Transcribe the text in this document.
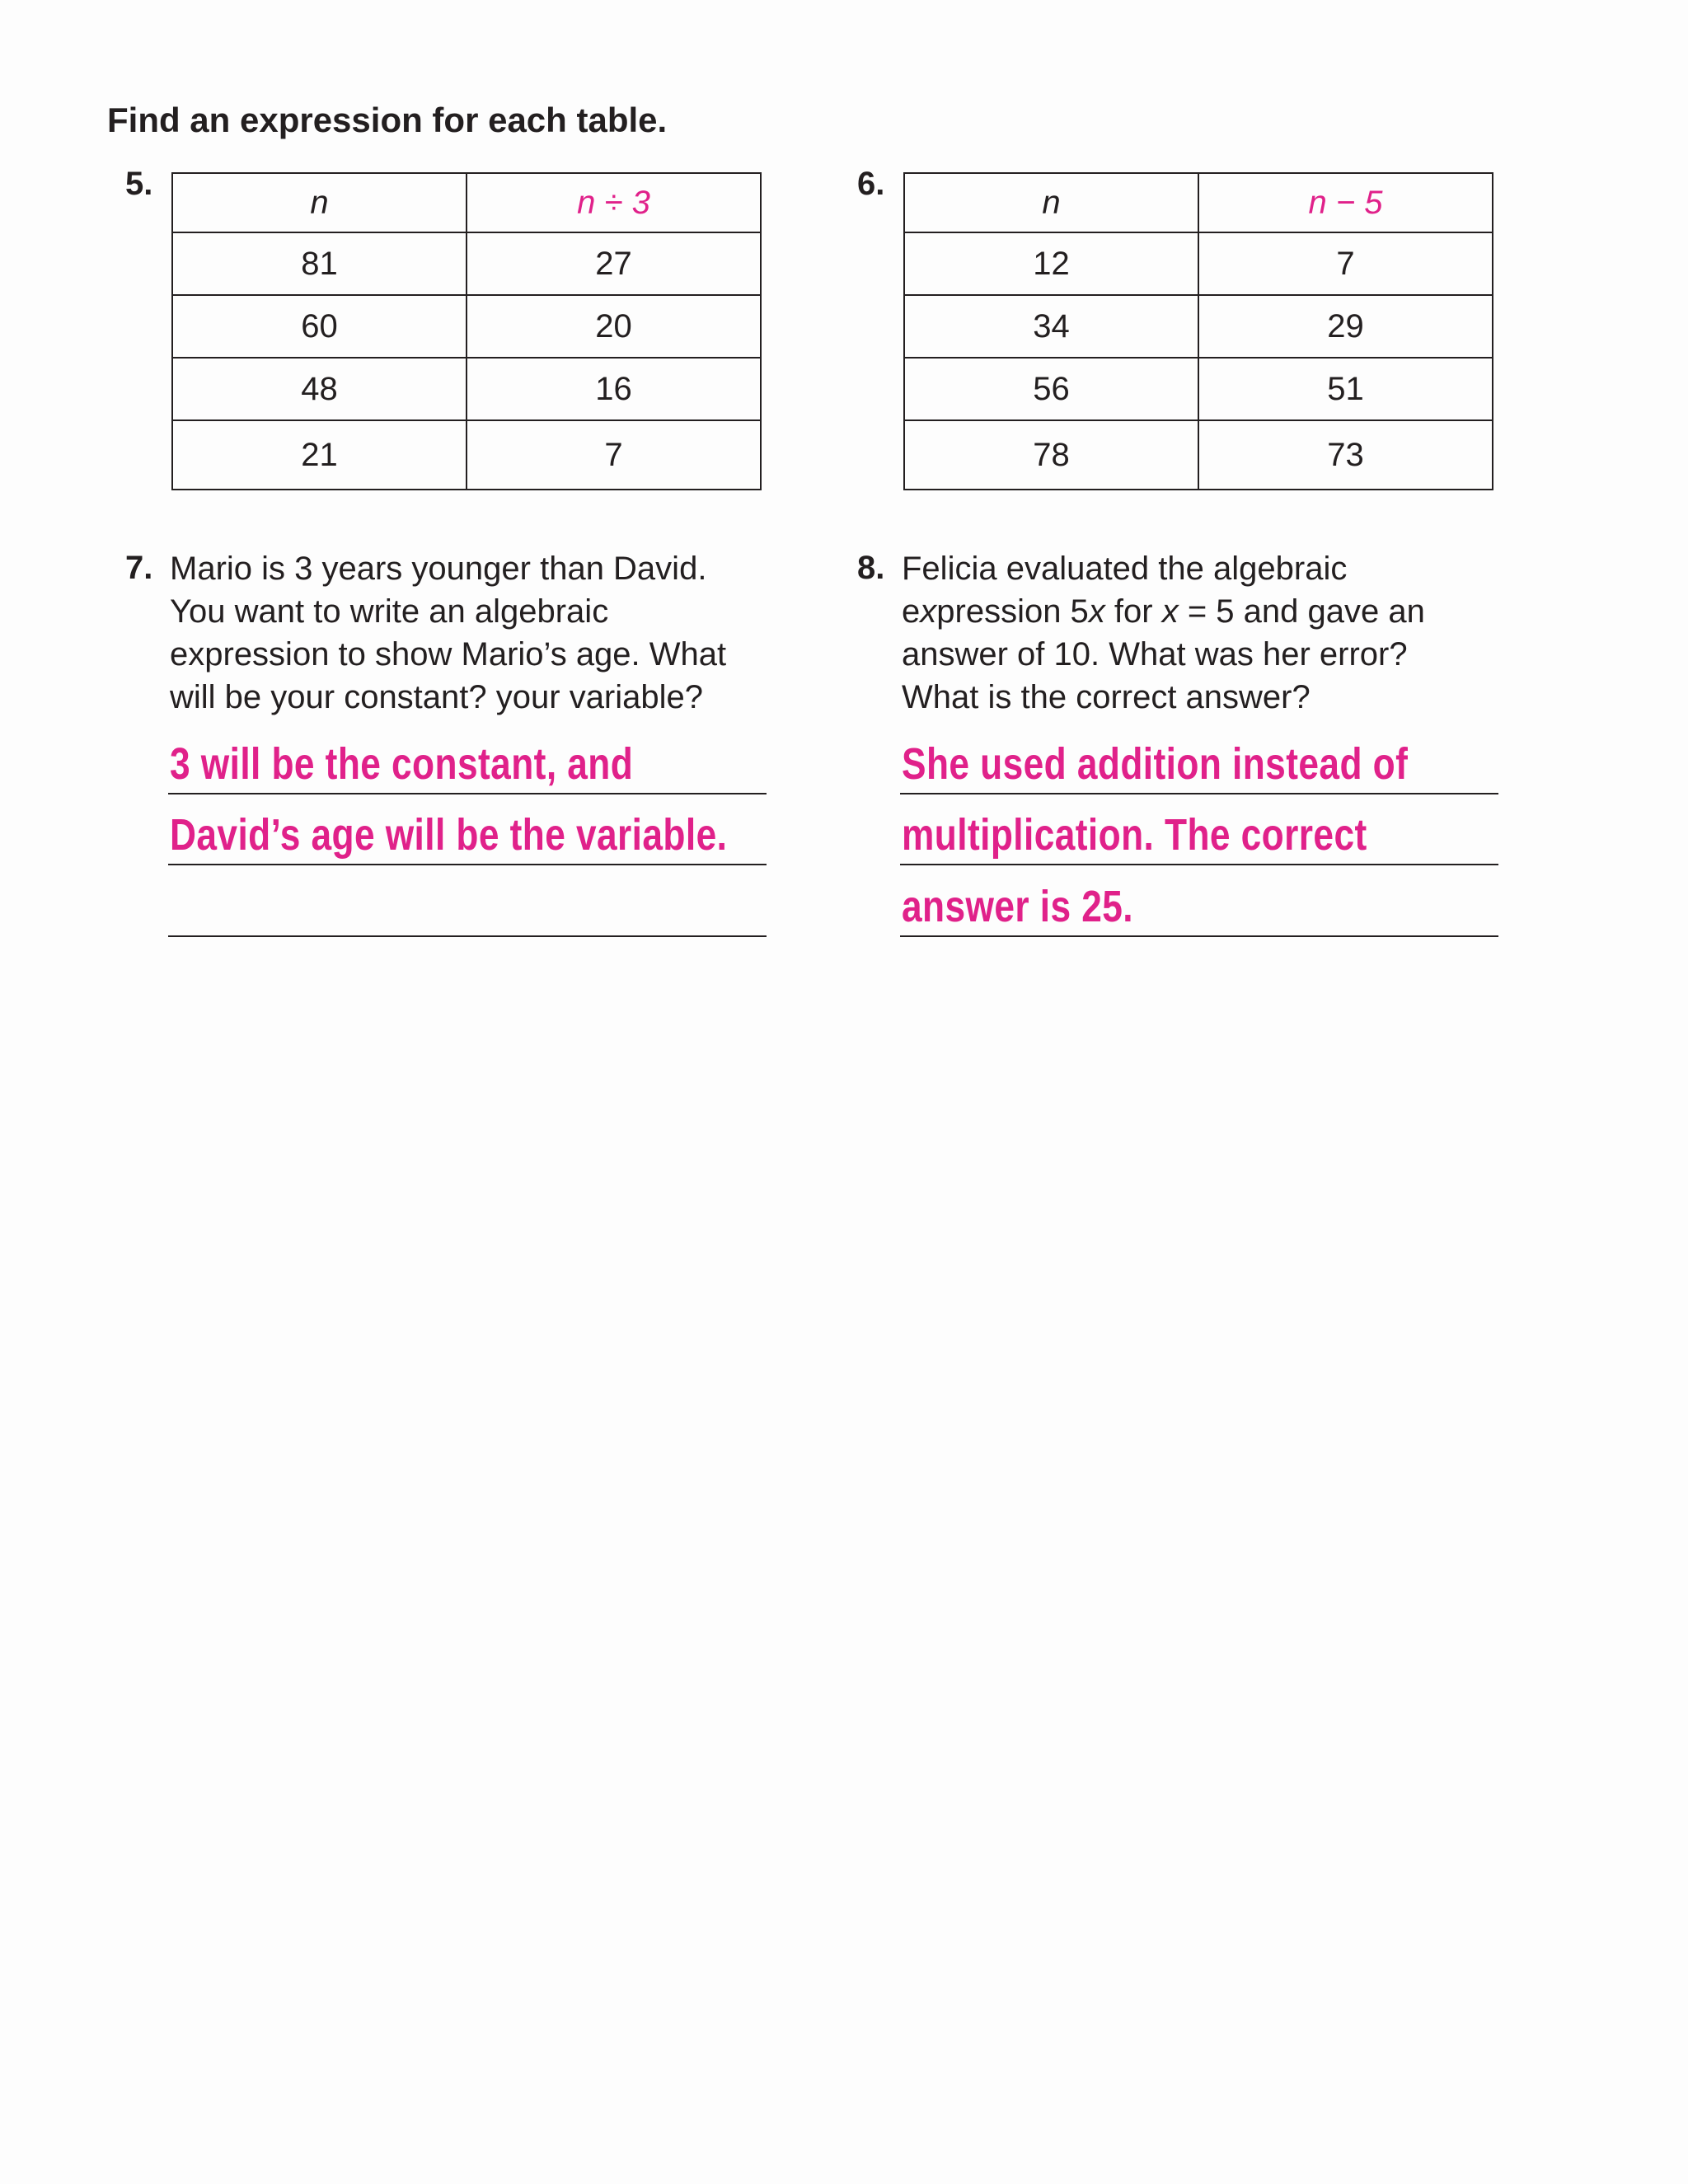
Find an expression for each table.
5.
n	n ÷ 3
81	27
60	20
48	16
21	7
6.
n	n − 5
12	7
34	29
56	51
78	73
7. Mario is 3 years younger than David.
You want to write an algebraic
expression to show Mario’s age. What
will be your constant? your variable?
3 will be the constant, and
David’s age will be the variable.
8. Felicia evaluated the algebraic
expression 5x for x = 5 and gave an
answer of 10. What was her error?
What is the correct answer?
She used addition instead of
multiplication. The correct
answer is 25.
